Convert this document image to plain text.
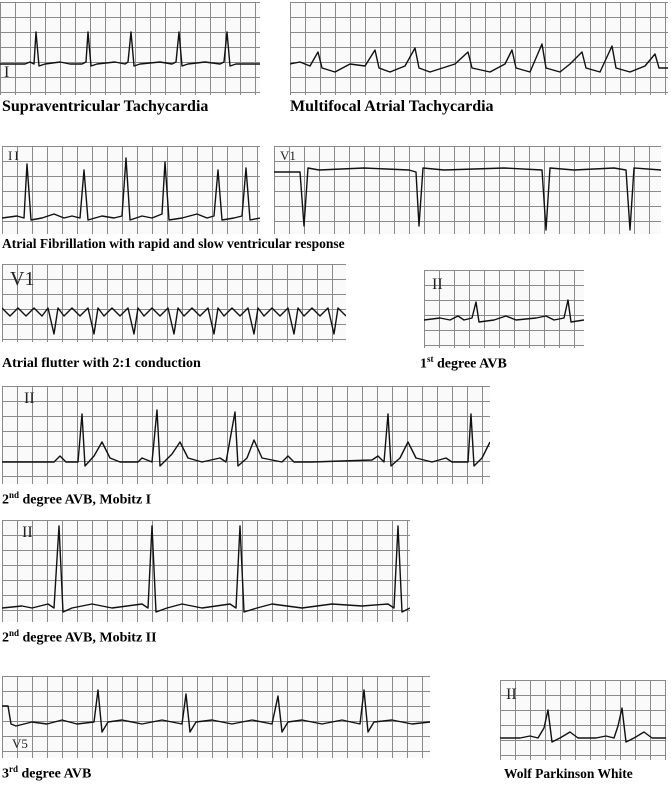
I
Supraventricular Tachycardia	Multifocal Atrial Tachycardia
II	V1
Atrial Fibrillation with rapid and slow ventricular response
V1
Atrial flutter with 2:1 conduction
II
1st degree AVB
II
2nd degree AVB, Mobitz I
II
2nd degree AVB, Mobitz II
V5
3rd degree AVB
II
Wolf Parkinson White
